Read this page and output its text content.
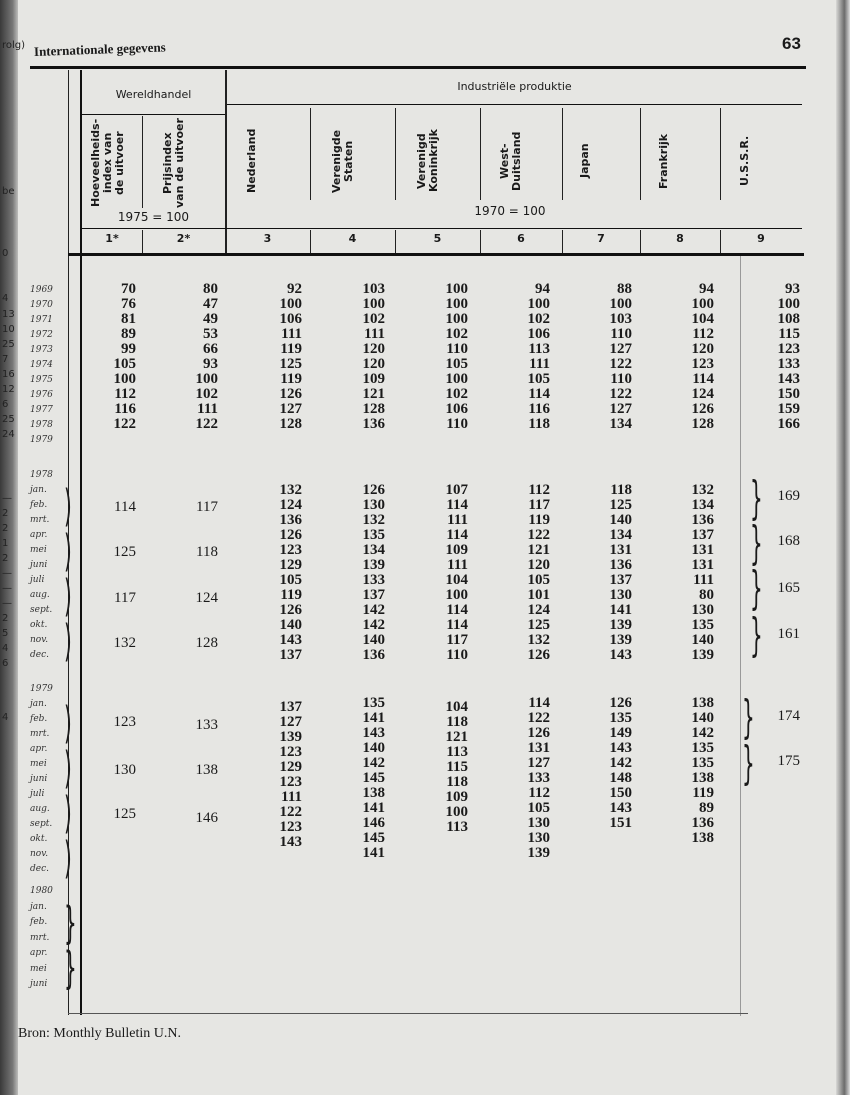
rolg)
be
0
4
13
10
25
7
16
12
6
25
24
—
2
2
1
2
—
—
—
2
5
4
6
4
63
Internationale gegevens
Wereldhandel
Industriële produktie
1975 = 100	1970 = 100
Hoeveelheids-
index van
de uitvoer
1*
Prijsindex
van de uitvoer
2*
Nederland
3
Verenigde
Staten
4
Verenigd
Koninkrijk
5
West-
Duitsland
6
Japan
7
Frankrijk
8
U.S.S.R.
9
70
76
81
89
99
105
100
112
116
122
80
47
49
53
66
93
100
102
111
122
92
100
106
111
119
125
119
126
127
128
103
100
102
111
120
120
109
121
128
136
100
100
100
102
110
105
100
102
106
110
94
100
102
106
113
111
105
114
116
118
88
100
103
110
127
122
110
122
127
134
94
100
104
112
120
123
114
124
126
128
93
100
108
115
123
133
143
150
159
166
132
124
136
126
123
129
105
119
126
140
143
137
126
130
132
135
134
139
133
137
142
142
140
136
107
114
111
114
109
111
104
100
114
114
117
110
112
117
119
122
121
120
105
101
124
125
132
126
118
125
140
134
131
136
137
130
141
139
139
143
132
134
136
137
131
131
111
80
130
135
140
139
114
125
117
132
117
118
124
128
169
168
165
161
137
127
139
123
129
123
111
122
123
143
135
141
143
140
142
145
138
141
146
145
141
104
118
121
113
115
118
109
100
113
114
122
126
131
127
133
112
105
130
130
139
126
135
149
143
142
148
150
143
151
138
140
142
135
135
138
119
89
136
138
123
130
125
133
138
146
174
175
1969
1970
1971
1972
1973
1974
1975
1976
1977
1978
1979
1978
jan.
feb.
mrt.
apr.
mei
juni
juli
aug.
sept.
okt.
nov.
dec.
1979
jan.
feb.
mrt.
apr.
mei
juni
juli
aug.
sept.
okt.
nov.
dec.
1980
jan.
feb.
mrt.
apr.
mei
juni
)
)
)
)
)
)
)
)
}
}
}
}
}
}
}
}
Bron: Monthly Bulletin U.N.
